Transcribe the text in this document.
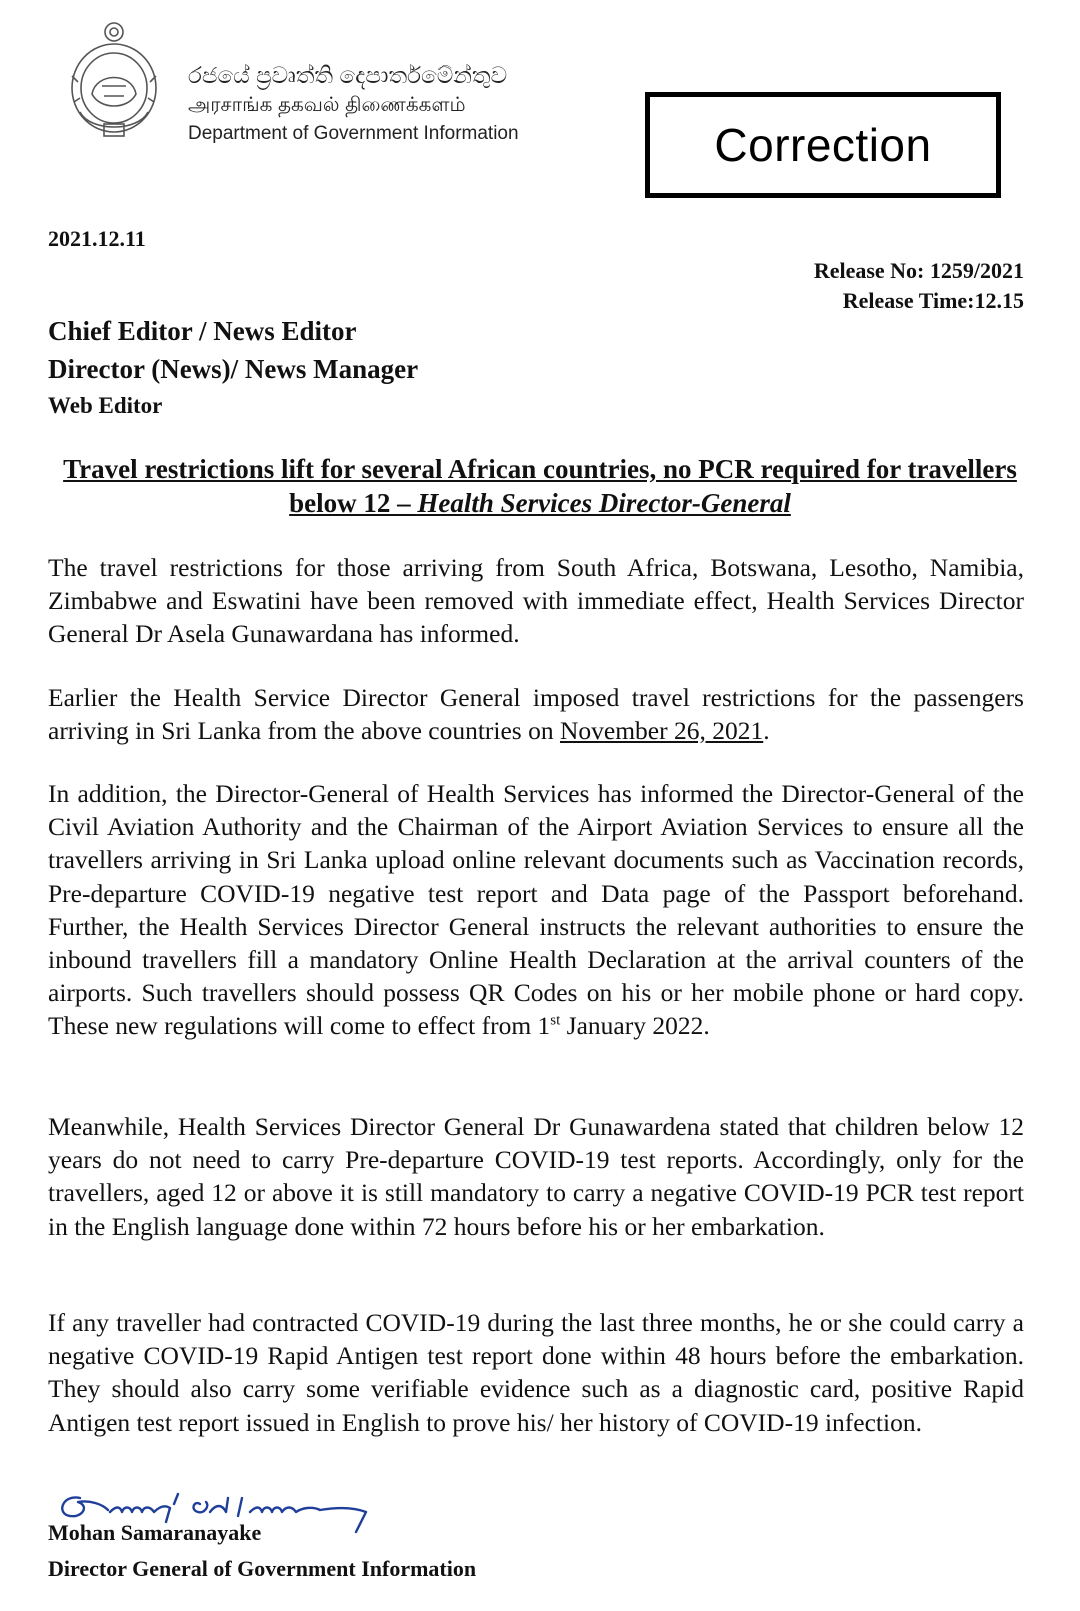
රජයේ ප්‍රවෘත්ති දෙපාර්තමේන්තුව
அரசாங்க தகவல் திணைக்களம்
Department of Government Information	Correction
2021.12.11
Release No: 1259/2021
Release Time:12.15
Chief Editor / News Editor
Director (News)/ News Manager
Web Editor
Travel restrictions lift for several African countries, no PCR required for travellers below 12 – Health Services Director-General
The travel restrictions for those arriving from South Africa, Botswana, Lesotho, Namibia, Zimbabwe and Eswatini have been removed with immediate effect, Health Services Director General Dr Asela Gunawardana has informed.
Earlier the Health Service Director General imposed travel restrictions for the passengers arriving in Sri Lanka from the above countries on November 26, 2021.
In addition, the Director-General of Health Services has informed the Director-General of the Civil Aviation Authority and the Chairman of the Airport Aviation Services to ensure all the travellers arriving in Sri Lanka upload online relevant documents such as Vaccination records, Pre-departure COVID-19 negative test report and Data page of the Passport beforehand. Further, the Health Services Director General instructs the relevant authorities to ensure the inbound travellers fill a mandatory Online Health Declaration at the arrival counters of the airports. Such travellers should possess QR Codes on his or her mobile phone or hard copy. These new regulations will come to effect from 1st January 2022.
Meanwhile, Health Services Director General Dr Gunawardena stated that children below 12 years do not need to carry Pre-departure COVID-19 test reports. Accordingly, only for the travellers, aged 12 or above it is still mandatory to carry a negative COVID-19 PCR test report in the English language done within 72 hours before his or her embarkation.
If any traveller had contracted COVID-19 during the last three months, he or she could carry a negative COVID-19 Rapid Antigen test report done within 48 hours before the embarkation. They should also carry some verifiable evidence such as a diagnostic card, positive Rapid Antigen test report issued in English to prove his/ her history of COVID-19 infection.
Mohan Samaranayake
Director General of Government Information
